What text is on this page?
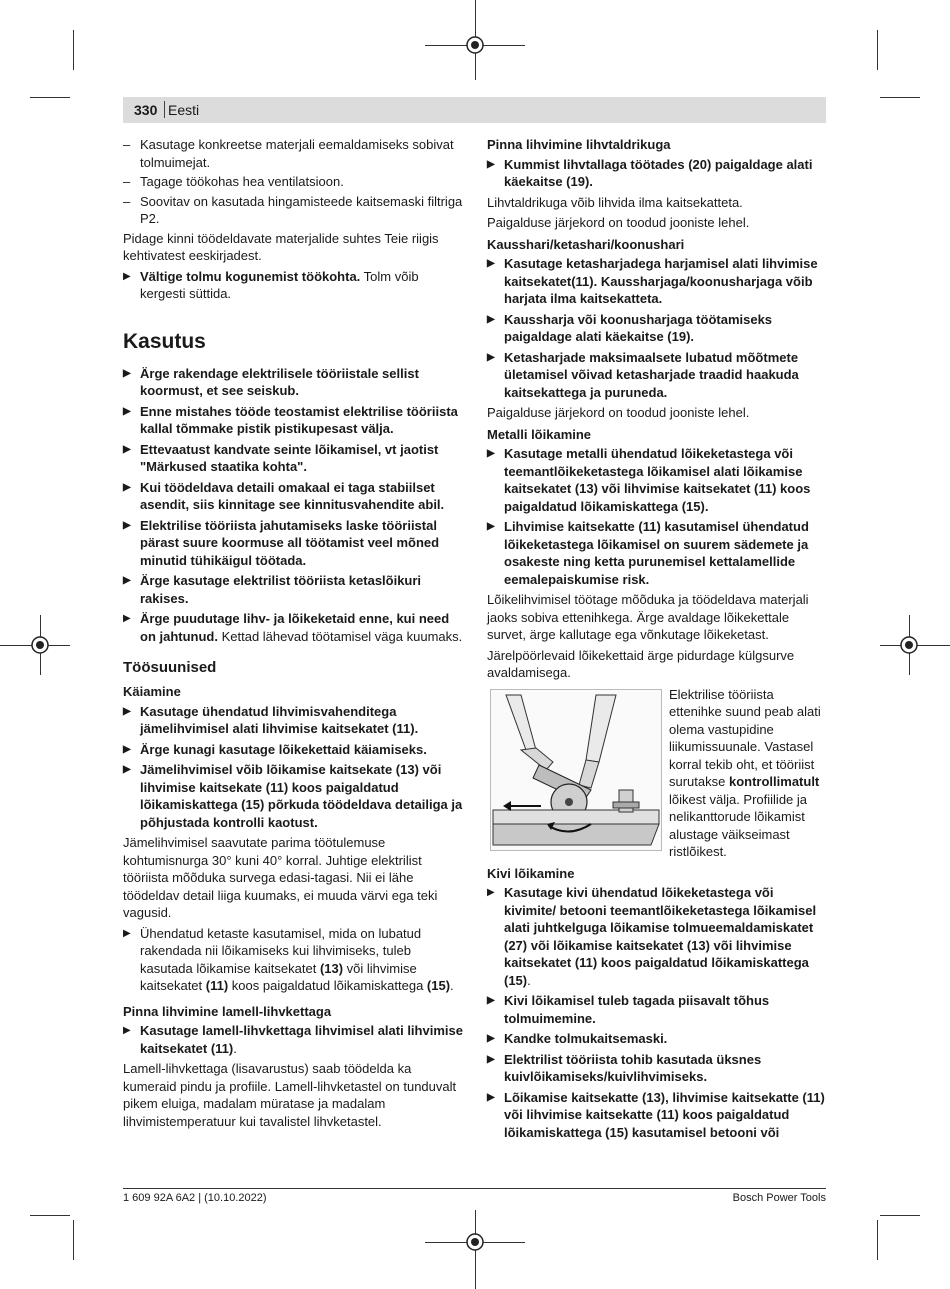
330 Eesti
– Kasutage konkreetse materjali eemaldamiseks sobivat tolmuimejat.
– Tagage töökohas hea ventilatsioon.
– Soovitav on kasutada hingamisteede kaitsemaski filtriga P2.

Pidage kinni töödeldavate materjalide suhtes Teie riigis kehtivatest eeskirjadest.

▶ Vältige tolmu kogunemist töökohta. Tolm võib kergesti süttida.
Kasutus
▶ Ärge rakendage elektrilisele tööriistale sellist koormust, et see seiskub.
▶ Enne mistahes tööde teostamist elektrilise tööriista kallal tõmmake pistik pistikupesast välja.
▶ Ettevaatust kandvate seinte lõikamisel, vt jaotist "Märkused staatika kohta".
▶ Kui töödeldava detaili omakaal ei taga stabiilset asendit, siis kinnitage see kinnitusvahendite abil.
▶ Elektrilise tööriista jahutamiseks laske tööriistal pärast suure koormuse all töötamist veel mõned minutid tühikäigul töötada.
▶ Ärge kasutage elektrilist tööriista ketaslõikuri rakises.
▶ Ärge puudutage lihv- ja lõikeketaid enne, kui need on jahtunud. Kettad lähevad töötamisel väga kuumaks.
Töösuunised
Käiamine
▶ Kasutage ühendatud lihvimisvahenditega jämelihvimisel alati lihvimise kaitsekatet (11).
▶ Ärge kunagi kasutage lõikekettaid käiamiseks.
▶ Jämelihvimisel võib lõikamise kaitsekate (13) või lihvimise kaitsekate (11) koos paigaldatud lõikamiskattega (15) põrkuda töödeldava detailiga ja põhjustada kontrolli kaotust.

Jämelihvimisel saavutate parima töötulemuse kohtumisnurga 30° kuni 40° korral. Juhtige elektrilist tööriista mõõduka survega edasi-tagasi. Nii ei lähe töödeldav detail liiga kuumaks, ei muuda värvi ega teki vagusid.

▶ Ühendatud ketaste kasutamisel, mida on lubatud rakendada nii lõikamiseks kui lihvimiseks, tuleb kasutada lõikamise kaitsekatet (13) või lihvimise kaitsekatet (11) koos paigaldatud lõikamiskattega (15).
Pinna lihvimine lamell-lihvkettaga
▶ Kasutage lamell-lihvkettaga lihvimisel alati lihvimise kaitsekatet (11).

Lamell-lihvkettaga (lisavarustus) saab töödelda ka kumeraid pindu ja profiile. Lamell-lihvketastel on tunduvalt pikem eluiga, madalam müratase ja madalam lihvimistemperatuur kui tavalistel lihvketastel.

Pinna lihvimine lihvtaldrikuga
▶ Kummist lihvtallaga töötades (20) paigaldage alati käekaitse (19).

Lihvtaldrikuga võib lihvida ilma kaitsekatteta.

Paigalduse järjekord on toodud jooniste lehel.

Kausshari/ketashari/koonushari
▶ Kasutage ketasharjadega harjamisel alati lihvimise kaitsekatet(11). Kaussharjaga/koonusharjaga võib harjata ilma kaitsekatteta.
▶ Kaussharja või koonusharjaga töötamiseks paigaldage alati käekaitse (19).
▶ Ketasharjade maksimaalsete lubatud mõõtmete ületamisel võivad ketasharjade traadid haakuda kaitsekattega ja puruneda.

Paigalduse järjekord on toodud jooniste lehel.

Metalli lõikamine
▶ Kasutage metalli ühendatud lõikeketastega või teemantlõikeketastega lõikamisel alati lõikamise kaitsekatet (13) või lihvimise kaitsekatet (11) koos paigaldatud lõikamiskattega (15).
▶ Lihvimise kaitsekatte (11) kasutamisel ühendatud lõikeketastega lõikamisel on suurem sädemete ja osakeste ning ketta purunemisel kettalamellide eemalepaiskumise risk.

Lõikelihvimisel töötage mõõduka ja töödeldava materjali jaoks sobiva ettenihkega. Ärge avaldage lõikekettale survet, ärge kallutage ega võnkutage lõikeketast.

Järelpöörlevaid lõikekettaid ärge pidurdage külgsurve avaldamisega.

Elektrilise tööriista ettenihke suund peab alati olema vastupidine liikumissuunale. Vastasel korral tekib oht, et tööriist surutakse kontrollimatult lõikest välja. Profiilide ja nelikanttorude lõikamist alustage väikseimast ristlõikest.
Kivi lõikamine
▶ Kasutage kivi ühendatud lõikeketastega või kivimite/ betooni teemantlõikeketastega lõikamisel alati juhtkelguga lõikamise tolmueemaldamiskatet (27) või lõikamise kaitsekatet (13) või lihvimise kaitsekatet (11) koos paigaldatud lõikamiskattega (15).
▶ Kivi lõikamisel tuleb tagada piisavalt tõhus tolmuimemine.
▶ Kandke tolmukaitsemaski.
▶ Elektrilist tööriista tohib kasutada üksnes kuivlõikamiseks/kuivlihvimiseks.
▶ Lõikamise kaitsekatte (13), lihvimise kaitsekatte (11) või lihvimise kaitsekatte (11) koos paigaldatud lõikamiskattega (15) kasutamisel betooni või
1 609 92A 6A2 | (10.10.2022)	Bosch Power Tools
